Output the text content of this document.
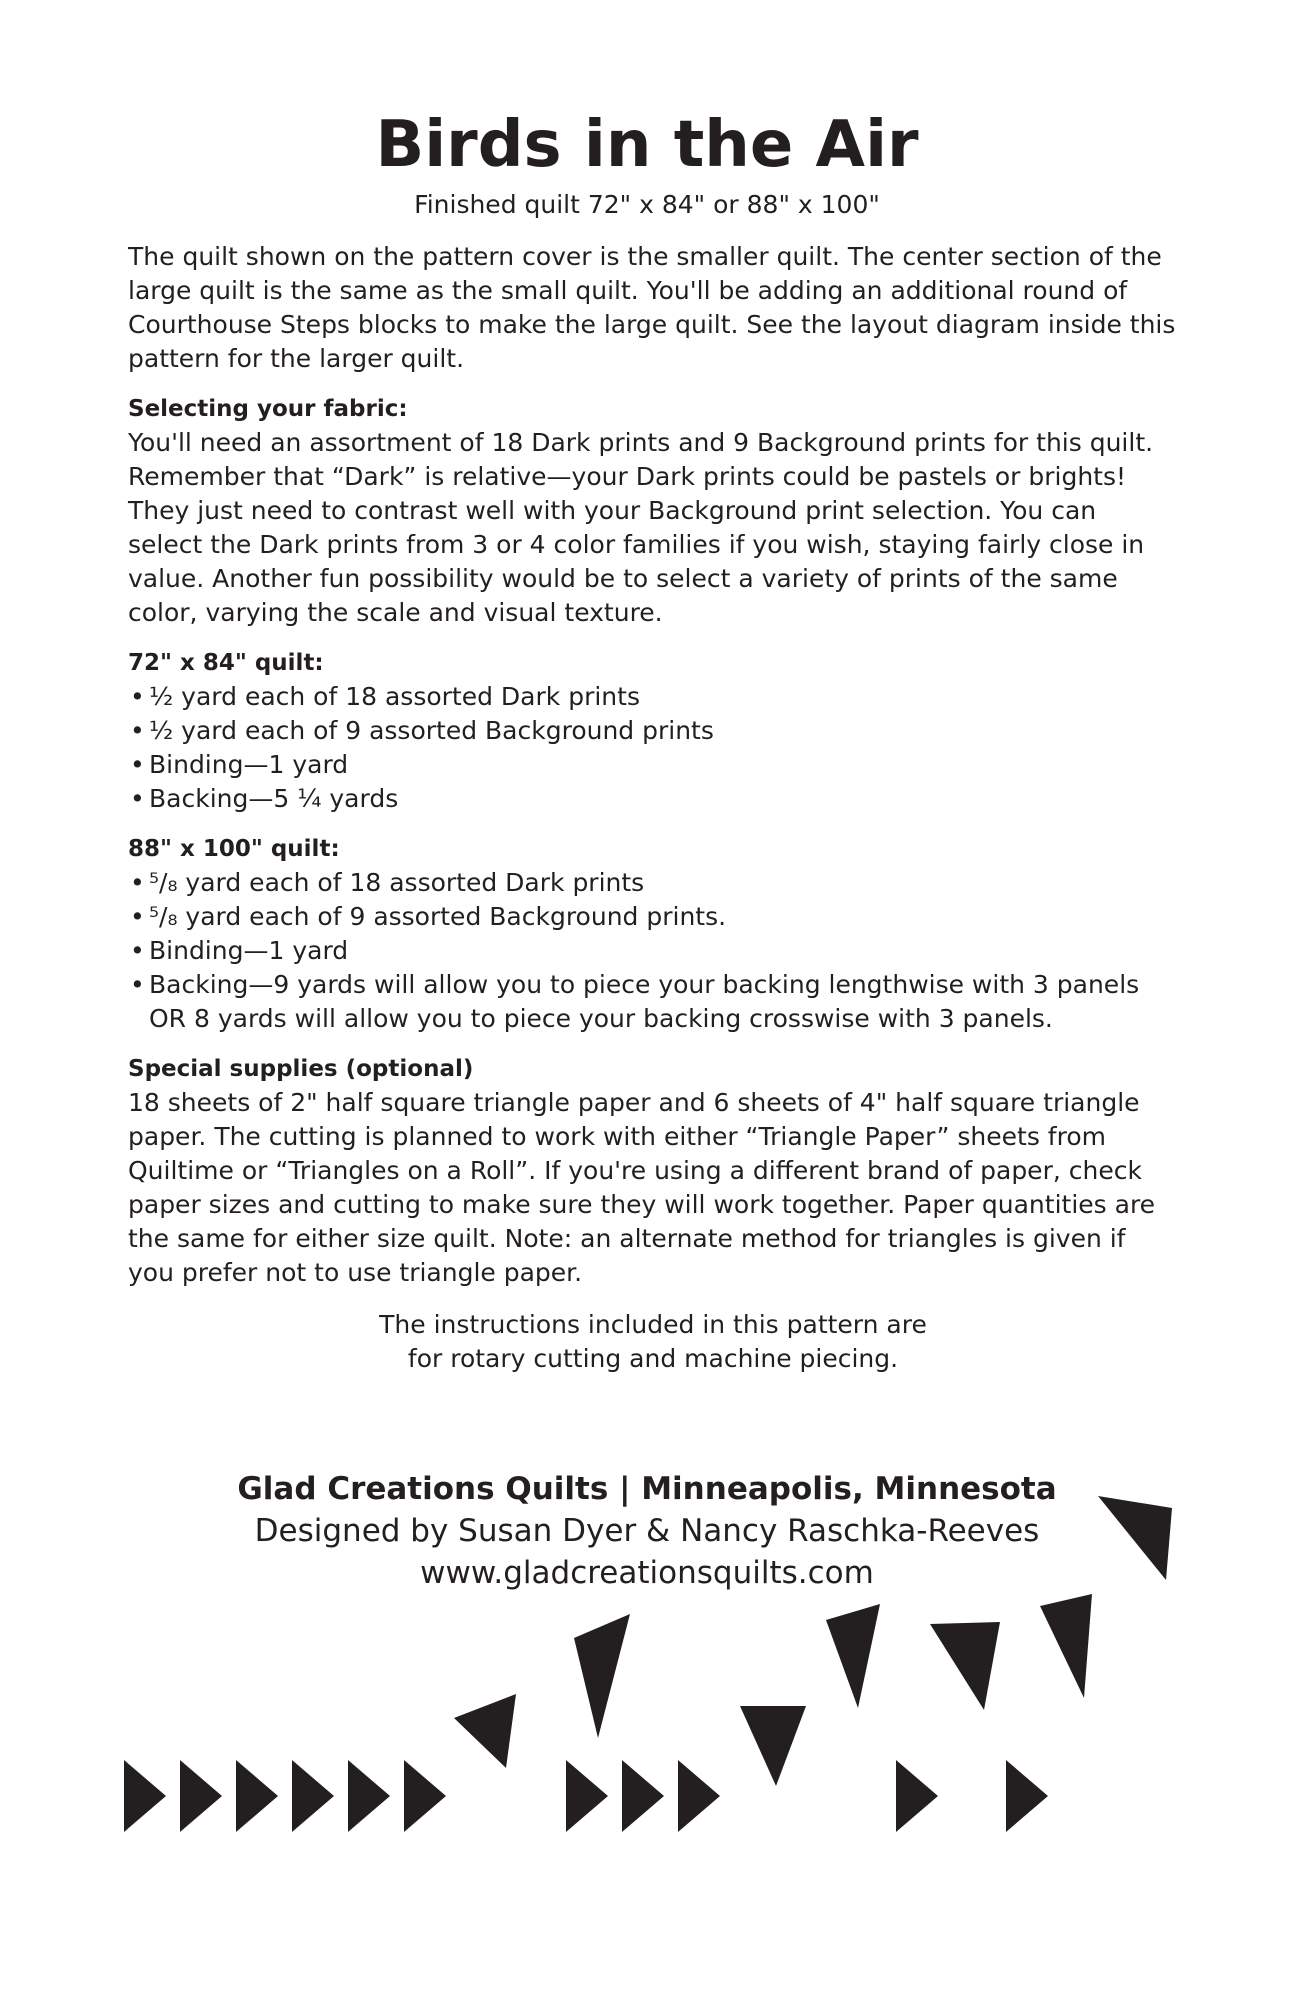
Birds in the Air
Finished quilt 72" x 84" or 88" x 100"

The quilt shown on the pattern cover is the smaller quilt. The center section of the large quilt is the same as the small quilt. You'll be adding an additional round of Courthouse Steps blocks to make the large quilt. See the layout diagram inside this pattern for the larger quilt.

Selecting your fabric:

You'll need an assortment of 18 Dark prints and 9 Background prints for this quilt. Remember that “Dark” is relative—your Dark prints could be pastels or brights! They just need to contrast well with your Background print selection. You can select the Dark prints from 3 or 4 color families if you wish, staying fairly close in value. Another fun possibility would be to select a variety of prints of the same color, varying the scale and visual texture.

72" x 84" quilt:
• ½ yard each of 18 assorted Dark prints
• ½ yard each of 9 assorted Background prints
• Binding—1 yard
• Backing—5 ¼ yards
88" x 100" quilt:
• ⁵/₈ yard each of 18 assorted Dark prints
• ⁵/₈ yard each of 9 assorted Background prints.
• Binding—1 yard
• Backing—9 yards will allow you to piece your backing lengthwise with 3 panels OR 8 yards will allow you to piece your backing crosswise with 3 panels.
Special supplies (optional)

18 sheets of 2" half square triangle paper and 6 sheets of 4" half square triangle paper. The cutting is planned to work with either “Triangle Paper” sheets from Quiltime or “Triangles on a Roll”. If you're using a different brand of paper, check paper sizes and cutting to make sure they will work together. Paper quantities are the same for either size quilt. Note: an alternate method for triangles is given if you prefer not to use triangle paper.

The instructions included in this pattern are
for rotary cutting and machine piecing.
Glad Creations Quilts | Minneapolis, Minnesota
Designed by Susan Dyer & Nancy Raschka-Reeves
www.gladcreationsquilts.com
